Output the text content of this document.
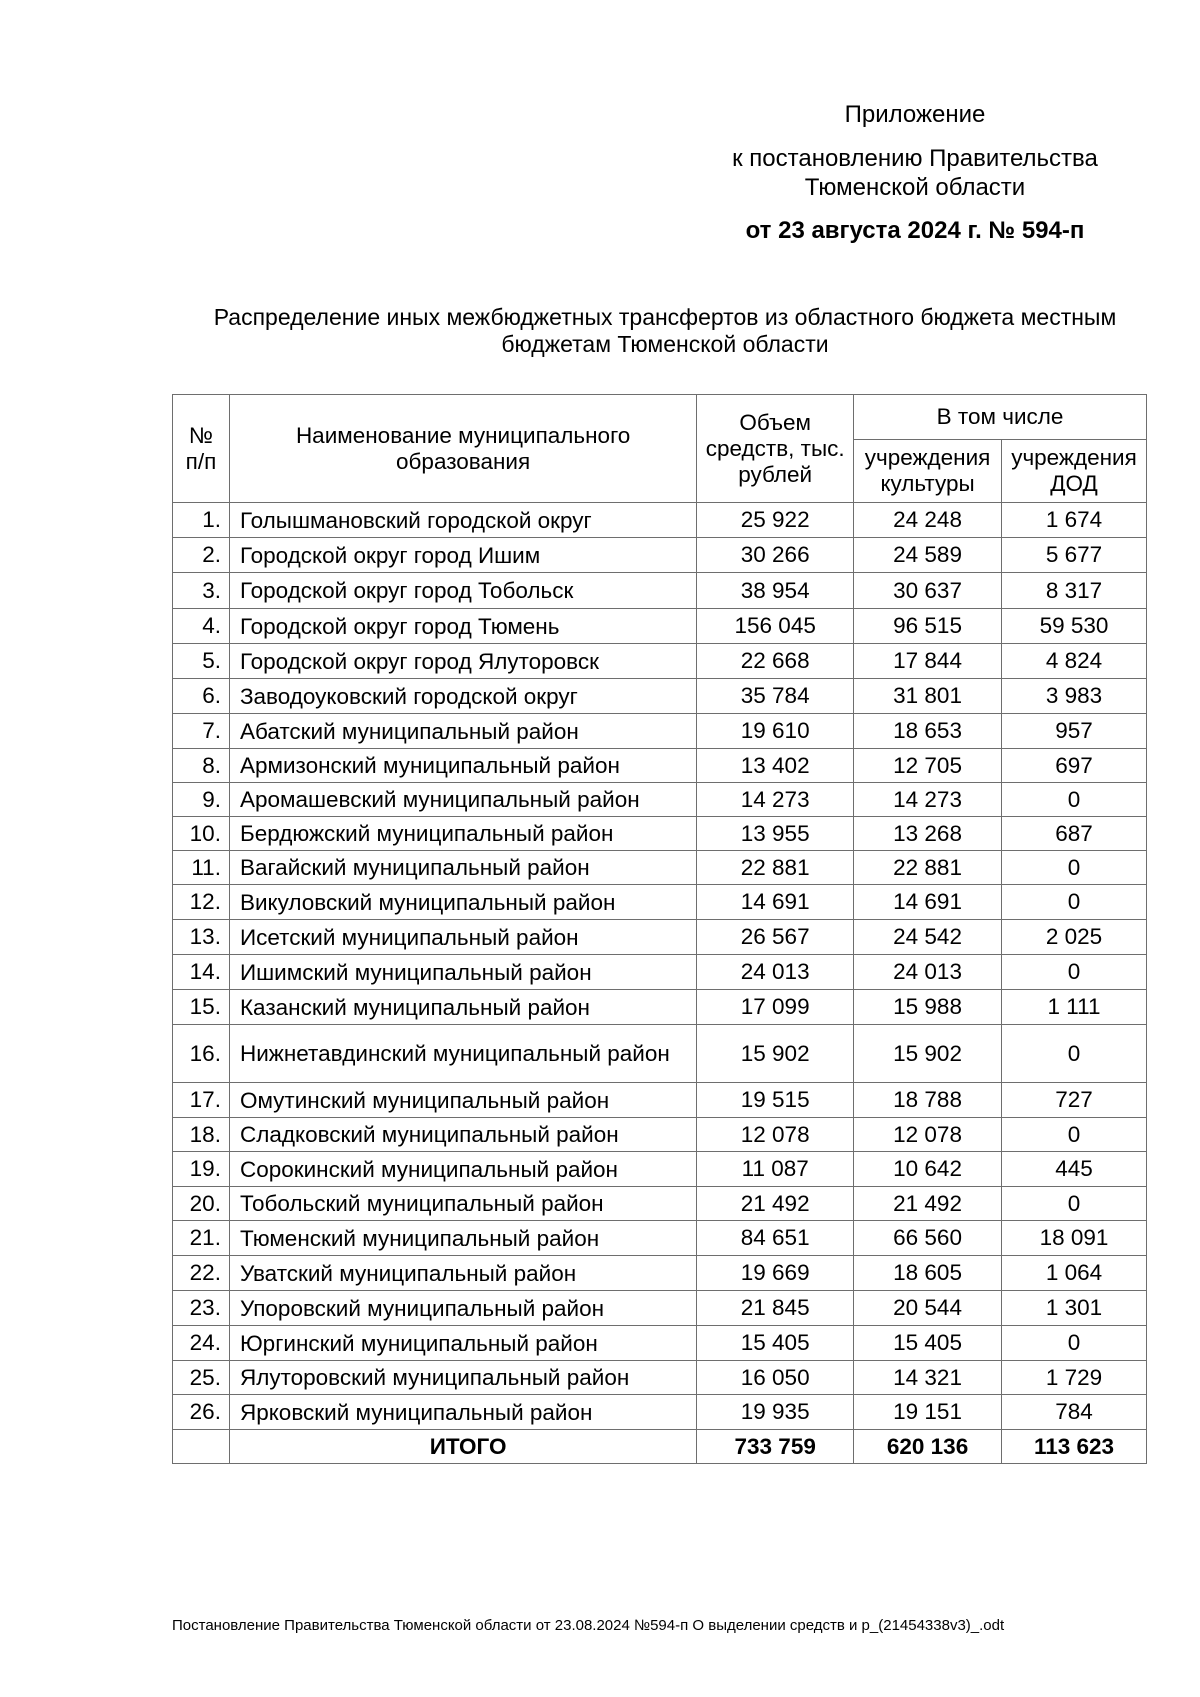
Приложение
к постановлению Правительства
Тюменской области
от 23 августа 2024 г. № 594-п
Распределение иных межбюджетных трансфертов из областного бюджета местным
бюджетам Тюменской области
№ п/п	Наименование муниципального образования	Объем средств, тыс. рублей	В том числе	
			учреждения культуры	учреждения ДОД
1.	Голышмановский городской округ	25 922	24 248	1 674
2.	Городской округ город Ишим	30 266	24 589	5 677
3.	Городской округ город Тобольск	38 954	30 637	8 317
4.	Городской округ город Тюмень	156 045	96 515	59 530
5.	Городской округ город Ялуторовск	22 668	17 844	4 824
6.	Заводоуковский городской округ	35 784	31 801	3 983
7.	Абатский муниципальный район	19 610	18 653	957
8.	Армизонский муниципальный район	13 402	12 705	697
9.	Аромашевский муниципальный район	14 273	14 273	0
10.	Бердюжский муниципальный район	13 955	13 268	687
11.	Вагайский муниципальный район	22 881	22 881	0
12.	Викуловский муниципальный район	14 691	14 691	0
13.	Исетский муниципальный район	26 567	24 542	2 025
14.	Ишимский муниципальный район	24 013	24 013	0
15.	Казанский муниципальный район	17 099	15 988	1 111
16.	Нижнетавдинский муниципальный район	15 902	15 902	0
17.	Омутинский муниципальный район	19 515	18 788	727
18.	Сладковский муниципальный район	12 078	12 078	0
19.	Сорокинский муниципальный район	11 087	10 642	445
20.	Тобольский муниципальный район	21 492	21 492	0
21.	Тюменский муниципальный район	84 651	66 560	18 091
22.	Уватский муниципальный район	19 669	18 605	1 064
23.	Упоровский муниципальный район	21 845	20 544	1 301
24.	Юргинский муниципальный район	15 405	15 405	0
25.	Ялуторовский муниципальный район	16 050	14 321	1 729
26.	Ярковский муниципальный район	19 935	19 151	784
	ИТОГО	733 759	620 136	113 623
Постановление Правительства Тюменской области от 23.08.2024 №594-п О выделении средств и р_(21454338v3)_.odt
